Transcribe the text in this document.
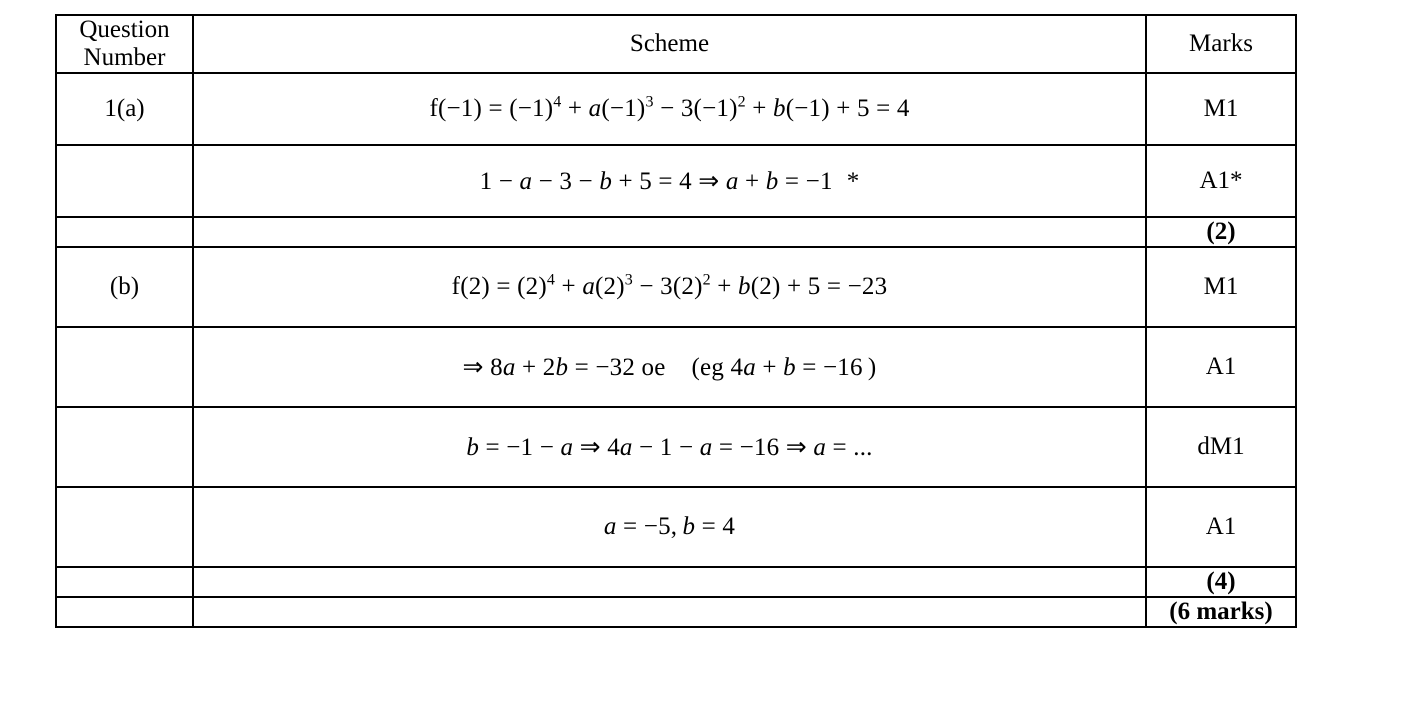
Question
Number	Scheme	Marks
1(a)	$f(-1) = (-1)^4 + a(-1)^3 - 3(-1)^2 + b(-1) + 5 = 4$	M1
	1 − a − 3 − b + 5 = 4 ⇒ a + b = −1 *	A1*
		(2)
(b)	$f(2) = (2)^4 + a(2)^3 - 3(2)^2 + b(2) + 5 = -23$	M1
	⇒ 8a + 2b = −32 oe (eg 4a + b = −16 )	A1
	b = −1 − a ⇒ 4a − 1 − a = −16 ⇒ a = ...	dM1
	a = −5, b = 4	A1
		(4)
		(6 marks)
